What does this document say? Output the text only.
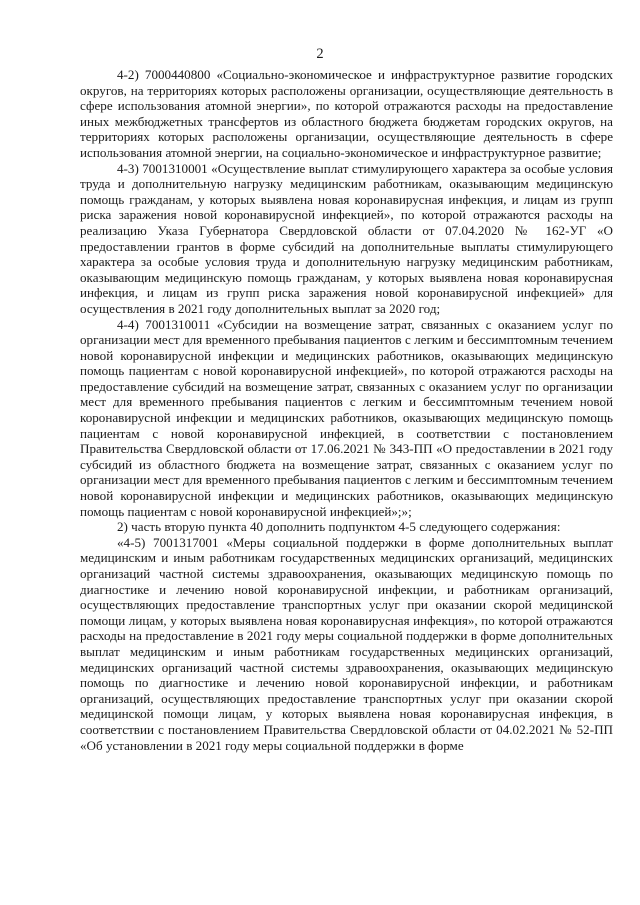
2

4-2) 7000440800 «Социально-экономическое и инфраструктурное развитие городских округов, на территориях которых расположены организации, осуществляющие деятельность в сфере использования атомной энергии», по которой отражаются расходы на предоставление иных межбюджетных трансфертов из областного бюджета бюджетам городских округов, на территориях которых расположены организации, осуществляющие деятельность в сфере использования атомной энергии, на социально-экономическое и инфраструктурное развитие;

4-3) 7001310001 «Осуществление выплат стимулирующего характера за особые условия труда и дополнительную нагрузку медицинским работникам, оказывающим медицинскую помощь гражданам, у которых выявлена новая коронавирусная инфекция, и лицам из групп риска заражения новой коронавирусной инфекцией», по которой отражаются расходы на реализацию Указа Губернатора Свердловской области от 07.04.2020 № 162-УГ «О предоставлении грантов в форме субсидий на дополнительные выплаты стимулирующего характера за особые условия труда и дополнительную нагрузку медицинским работникам, оказывающим медицинскую помощь гражданам, у которых выявлена новая коронавирусная инфекция, и лицам из групп риска заражения новой коронавирусной инфекцией» для осуществления в 2021 году дополнительных выплат за 2020 год;

4-4) 7001310011 «Субсидии на возмещение затрат, связанных с оказанием услуг по организации мест для временного пребывания пациентов с легким и бессимптомным течением новой коронавирусной инфекции и медицинских работников, оказывающих медицинскую помощь пациентам с новой коронавирусной инфекцией», по которой отражаются расходы на предоставление субсидий на возмещение затрат, связанных с оказанием услуг по организации мест для временного пребывания пациентов с легким и бессимптомным течением новой коронавирусной инфекции и медицинских работников, оказывающих медицинскую помощь пациентам с новой коронавирусной инфекцией, в соответствии с постановлением Правительства Свердловской области от 17.06.2021 № 343-ПП «О предоставлении в 2021 году субсидий из областного бюджета на возмещение затрат, связанных с оказанием услуг по организации мест для временного пребывания пациентов с легким и бессимптомным течением новой коронавирусной инфекции и медицинских работников, оказывающих медицинскую помощь пациентам с новой коронавирусной инфекцией»;»;

2) часть вторую пункта 40 дополнить подпунктом 4-5 следующего содержания:

«4-5) 7001317001 «Меры социальной поддержки в форме дополнительных выплат медицинским и иным работникам государственных медицинских организаций, медицинских организаций частной системы здравоохранения, оказывающих медицинскую помощь по диагностике и лечению новой коронавирусной инфекции, и работникам организаций, осуществляющих предоставление транспортных услуг при оказании скорой медицинской помощи лицам, у которых выявлена новая коронавирусная инфекция», по которой отражаются расходы на предоставление в 2021 году меры социальной поддержки в форме дополнительных выплат медицинским и иным работникам государственных медицинских организаций, медицинских организаций частной системы здравоохранения, оказывающих медицинскую помощь по диагностике и лечению новой коронавирусной инфекции, и работникам организаций, осуществляющих предоставление транспортных услуг при оказании скорой медицинской помощи лицам, у которых выявлена новая коронавирусная инфекция, в соответствии с постановлением Правительства Свердловской области от 04.02.2021 № 52-ПП «Об установлении в 2021 году меры социальной поддержки в форме
